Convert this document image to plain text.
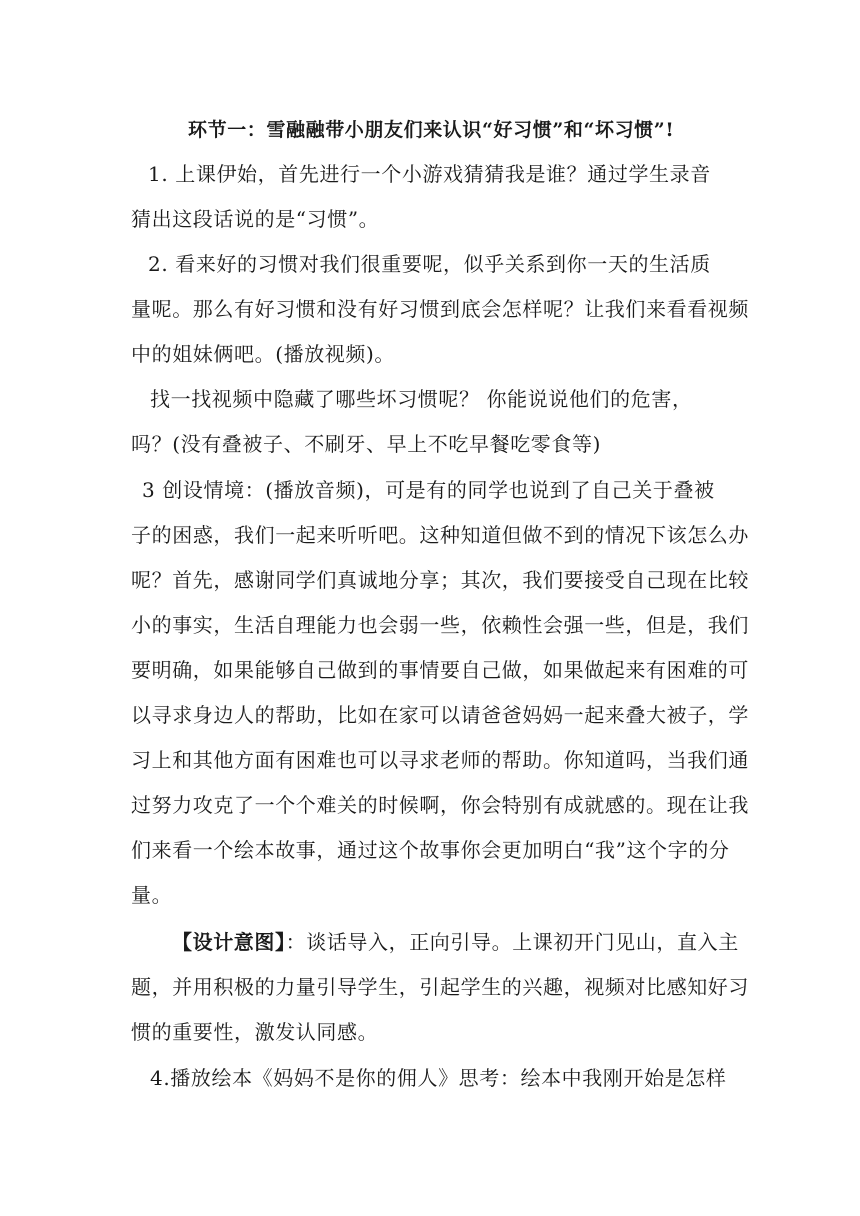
环节一：雪融融带小朋友们来认识“好习惯”和“坏习惯”!
1. 上课伊始，首先进行一个小游戏猜猜我是谁？通过学生录音
猜出这段话说的是“习惯”。
2. 看来好的习惯对我们很重要呢，似乎关系到你一天的生活质
量呢。那么有好习惯和没有好习惯到底会怎样呢？让我们来看看视频
中的姐妹俩吧。(播放视频)。
找一找视频中隐藏了哪些坏习惯呢？ 你能说说他们的危害，
吗？(没有叠被子、不刷牙、早上不吃早餐吃零食等)
3 创设情境：(播放音频)，可是有的同学也说到了自己关于叠被
子的困惑，我们一起来听听吧。这种知道但做不到的情况下该怎么办
呢？首先，感谢同学们真诚地分享；其次，我们要接受自己现在比较
小的事实，生活自理能力也会弱一些，依赖性会强一些，但是，我们
要明确，如果能够自己做到的事情要自己做，如果做起来有困难的可
以寻求身边人的帮助，比如在家可以请爸爸妈妈一起来叠大被子，学
习上和其他方面有困难也可以寻求老师的帮助。你知道吗，当我们通
过努力攻克了一个个难关的时候啊，你会特别有成就感的。现在让我
们来看一个绘本故事，通过这个故事你会更加明白“我”这个字的分
量。
【设计意图】：谈话导入，正向引导。上课初开门见山，直入主
题，并用积极的力量引导学生，引起学生的兴趣，视频对比感知好习
惯的重要性，激发认同感。
4.播放绘本《妈妈不是你的佣人》思考：绘本中我刚开始是怎样
